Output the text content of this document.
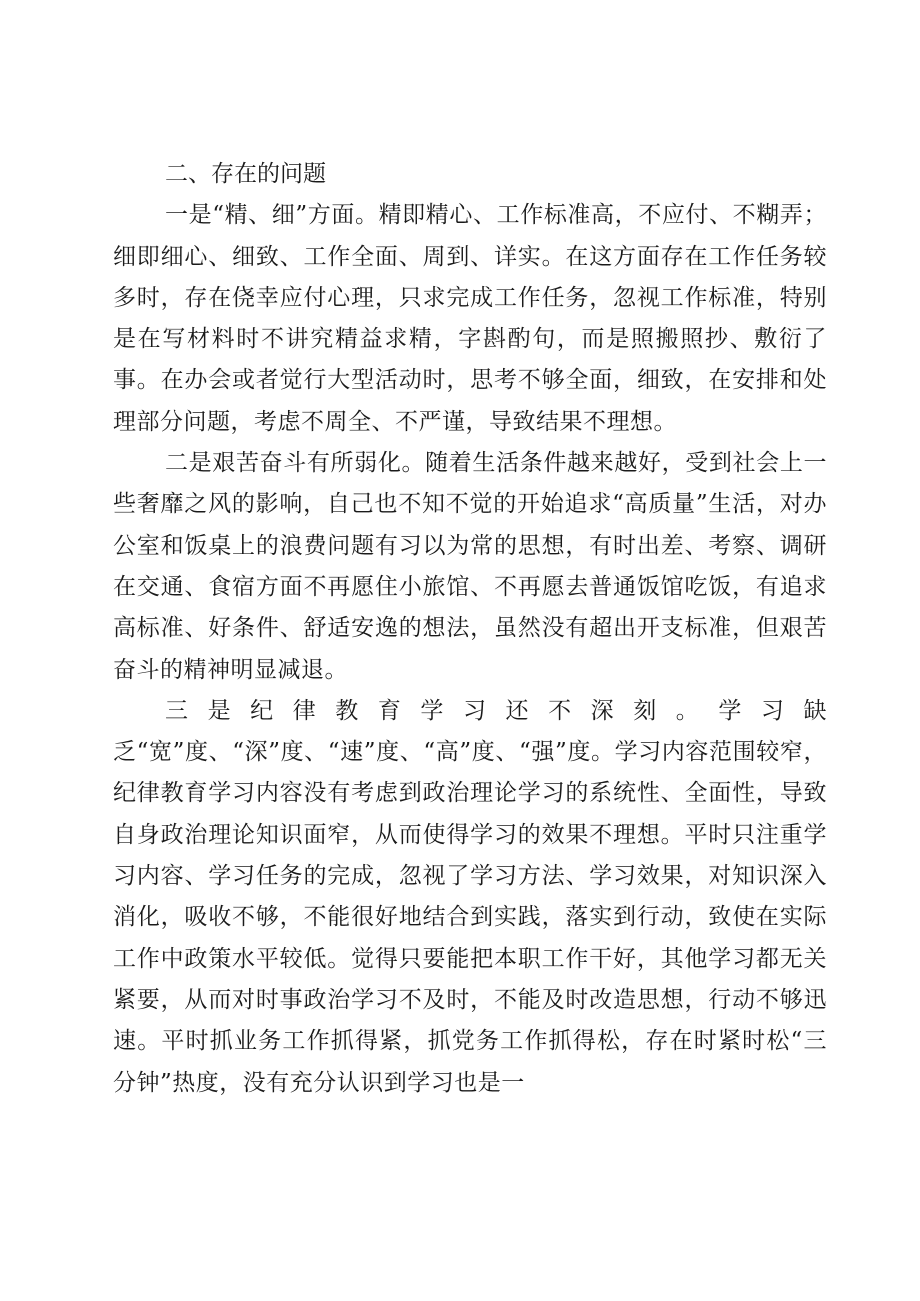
二、存在的问题

一是“精、细”方面。精即精心、工作标准高，不应付、不糊弄；细即细心、细致、工作全面、周到、详实。在这方面存在工作任务较多时，存在侥幸应付心理，只求完成工作任务，忽视工作标准，特别是在写材料时不讲究精益求精，字斟酌句，而是照搬照抄、敷衍了事。在办会或者觉行大型活动时，思考不够全面，细致，在安排和处理部分问题，考虑不周全、不严谨，导致结果不理想。

二是艰苦奋斗有所弱化。随着生活条件越来越好，受到社会上一些奢靡之风的影响，自己也不知不觉的开始追求“高质量”生活，对办公室和饭桌上的浪费问题有习以为常的思想，有时出差、考察、调研在交通、食宿方面不再愿住小旅馆、不再愿去普通饭馆吃饭，有追求高标准、好条件、舒适安逸的想法，虽然没有超出开支标准，但艰苦奋斗的精神明显减退。

三是纪律教育学习还不深刻。学习缺乏“宽”度、“深”度、“速”度、“高”度、“强”度。学习内容范围较窄，纪律教育学习内容没有考虑到政治理论学习的系统性、全面性，导致自身政治理论知识面窄，从而使得学习的效果不理想。平时只注重学习内容、学习任务的完成，忽视了学习方法、学习效果，对知识深入消化，吸收不够，不能很好地结合到实践，落实到行动，致使在实际工作中政策水平较低。觉得只要能把本职工作干好，其他学习都无关紧要，从而对时事政治学习不及时，不能及时改造思想，行动不够迅速。平时抓业务工作抓得紧，抓党务工作抓得松，存在时紧时松“三分钟”热度，没有充分认识到学习也是一
